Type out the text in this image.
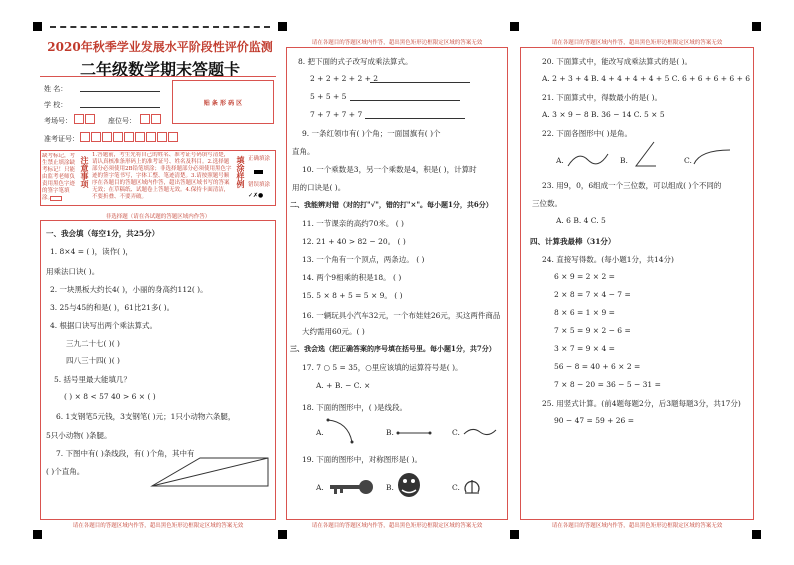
2020年秋季学业发展水平阶段性评价监测
二年级数学期末答题卡
姓 名：
学 校：
考场号：	座位号：
准考证号：
贴 条 形 码 区
缺考标记，考生禁止填涂缺考标记！只能由监考老师负责用黑色字迹的签字笔填涂。
注意事项
1.答题前，考生先将自己的姓名、准考证号码填写清楚，请认真核准条形码上的准考证号、姓名及科目。2.选择题部分必须使用2B铅笔填涂；非选择题部分必须使用黑色字迹的签字笔书写，字体工整、笔迹清楚。3.请按照题号顺序在各题目的答题区域内作答，超出答题区域书写的答案无效；在草稿纸、试题卷上答题无效。4.保持卡面清洁，不要折叠、不要弄破。
填涂样例 正确填涂
错误填涂
✓✗●
非选择题（请在各试题的答题区域内作答）
请在各题目的答题区域内作答，超出黑色矩形边框限定区域的答案无效
一、我会填（每空1分，共25分）
1. 8×4 = ( )，读作( )，
用乘法口诀( )。
2. 一块黑板大约长4( )，小丽的身高约112( )。
3. 25与45的和是( )，61比21多( )。
4. 根据口诀写出两个乘法算式。
三九二十七( )( )
四八三十四( )( )
5. 括号里最大能填几？
( ) × 8 < 57 40 > 6 × ( )
6. 1支钢笔5元钱，3支钢笔( )元；1只小动物六条腿，
5只小动物( )条腿。
7. 下图中有( )条线段，有( )个角，其中有
( )个直角。
请在各题目的答题区域内作答，超出黑色矩形边框限定区域的答案无效
请在各题目的答题区域内作答，超出黑色矩形边框限定区域的答案无效
8. 把下面的式子改写成乘法算式。
2 + 2 + 2 + 2 + 2
5 + 5 + 5
7 + 7 + 7 + 7
9. 一条红领巾有( )个角；一面国旗有( )个
直角。
10. 一个乘数是3，另一个乘数是4，积是( )，计算时
用的口诀是( )。
二、我能辨对错（对的打"√"，错的打"×"。每小题1分，共6分）
11. 一节课亲的高约70米。 ( )
12. 21 + 40 > 82 − 20。 ( )
13. 一个角有一个顶点，两条边。 ( )
14. 两个9相乘的积是18。 ( )
15. 5 × 8 + 5 = 5 × 9。 ( )
16. 一辆玩具小汽车32元，一个布娃娃26元，买这两件商品大约需用60元。( )
三、我会选（把正确答案的序号填在括号里。每小题1分，共7分）
17. 7 ○ 5 = 35，○里应该填的运算符号是( )。
A. + B. − C. ×
18. 下面的图形中，( )是线段。
A.	B.	C.
19. 下面的图形中，对称图形是( )。
A.	B.	C.
请在各题目的答题区域内作答，超出黑色矩形边框限定区域的答案无效
请在各题目的答题区域内作答，超出黑色矩形边框限定区域的答案无效
20. 下面算式中，能改写成乘法算式的是( )。
A. 2 + 3 + 4 B. 4 + 4 + 4 + 4 + 5 C. 6 + 6 + 6 + 6 + 6
21. 下面算式中，得数最小的是( )。
A. 3 × 9 − 8 B. 36 − 14 C. 5 × 5
22. 下面各图形中( )是角。
A.	B.	C.
23. 用9，0，6组成一个三位数，可以组成( )个不同的
三位数。
A. 6 B. 4 C. 5
四、计算我最棒（31分）
24. 直接写得数。(每小题1分，共14分)
6 × 9 = 2 × 2 =
2 × 8 = 7 × 4 − 7 =
8 × 6 = 1 × 9 =
7 × 5 = 9 × 2 − 6 =
3 × 7 = 9 × 4 =
56 − 8 = 40 + 6 × 2 =
7 × 8 − 20 = 36 − 5 − 31 =
25. 用竖式计算。(前4题每题2分，后3题每题3分，共17分)
90 − 47 = 59 + 26 =
